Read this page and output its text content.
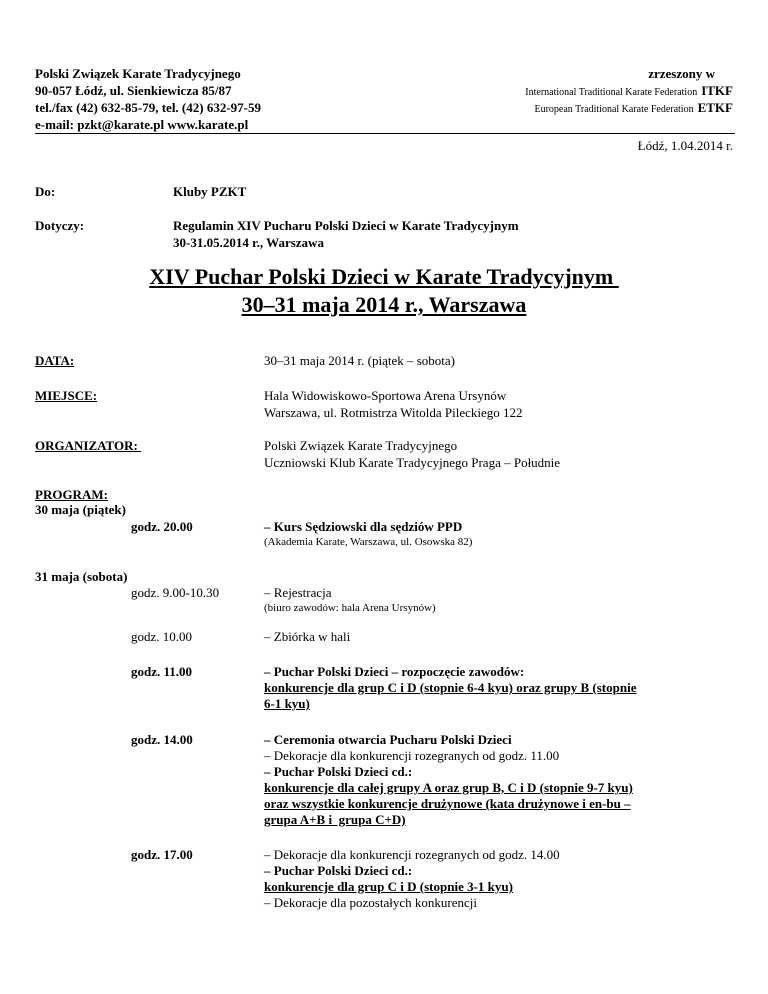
Polski Związek Karate Tradycyjnego
90-057 Łódź, ul. Sienkiewicza 85/87
tel./fax (42) 632-85-79, tel. (42) 632-97-59
e-mail: pzkt@karate.pl www.karate.pl
zrzeszony w
International Traditional Karate Federation ITKF
European Traditional Karate Federation ETKF
Łódź, 1.04.2014 r.
Do:	Kluby PZKT
Dotyczy:	Regulamin XIV Pucharu Polski Dzieci w Karate Tradycyjnym
30-31.05.2014 r., Warszawa
XIV Puchar Polski Dzieci w Karate Tradycyjnym
30–31 maja 2014 r., Warszawa
DATA:	30–31 maja 2014 r. (piątek – sobota)
MIEJSCE:	Hala Widowiskowo-Sportowa Arena Ursynów
Warszawa, ul. Rotmistrza Witolda Pileckiego 122
ORGANIZATOR:	Polski Związek Karate Tradycyjnego
Uczniowski Klub Karate Tradycyjnego Praga – Południe
PROGRAM:
30 maja (piątek)
godz. 20.00	– Kurs Sędziowski dla sędziów PPD
(Akademia Karate, Warszawa, ul. Osowska 82)
31 maja (sobota)
godz. 9.00-10.30	– Rejestracja
(biuro zawodów: hala Arena Ursynów)
godz. 10.00	– Zbiórka w hali
godz. 11.00	– Puchar Polski Dzieci – rozpoczęcie zawodów:
konkurencje dla grup C i D (stopnie 6-4 kyu) oraz grupy B (stopnie
6-1 kyu)
godz. 14.00	– Ceremonia otwarcia Pucharu Polski Dzieci
– Dekoracje dla konkurencji rozegranych od godz. 11.00
– Puchar Polski Dzieci cd.:
konkurencje dla całej grupy A oraz grup B, C i D (stopnie 9-7 kyu)
oraz wszystkie konkurencje drużynowe (kata drużynowe i en-bu –
grupa A+B i  grupa C+D)
godz. 17.00	– Dekoracje dla konkurencji rozegranych od godz. 14.00
– Puchar Polski Dzieci cd.:
konkurencje dla grup C i D (stopnie 3-1 kyu)
– Dekoracje dla pozostałych konkurencji
